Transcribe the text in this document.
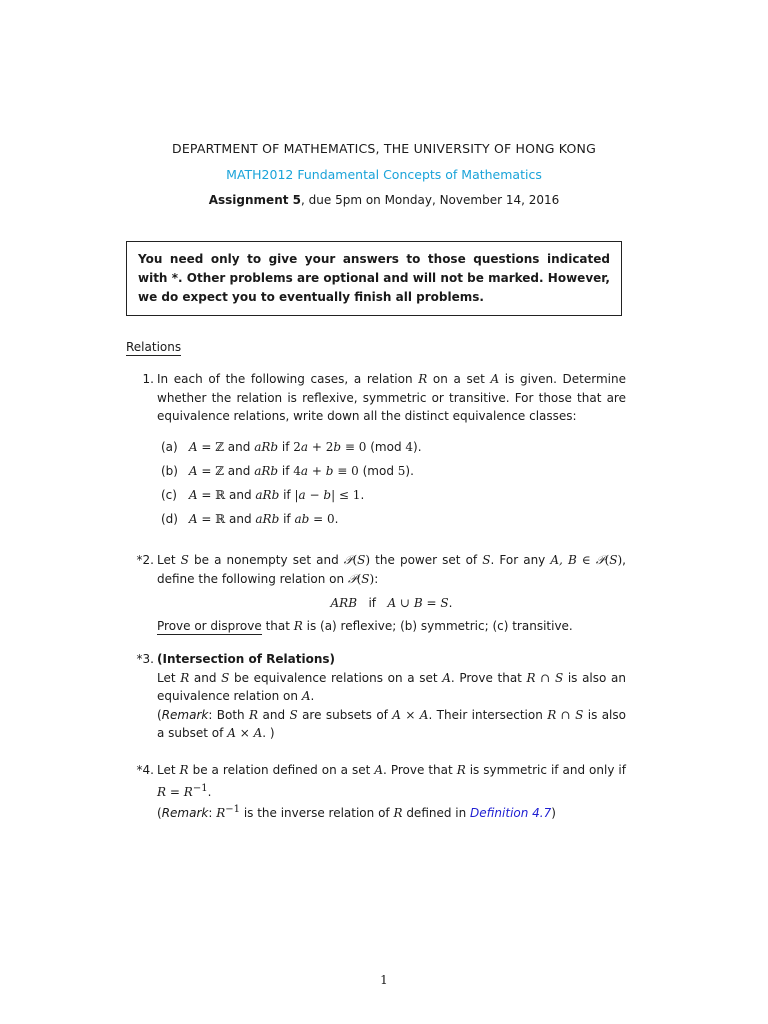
DEPARTMENT OF MATHEMATICS, THE UNIVERSITY OF HONG KONG
MATH2012 Fundamental Concepts of Mathematics
Assignment 5, due 5pm on Monday, November 14, 2016
You need only to give your answers to those questions indicated with *. Other problems are optional and will not be marked. However, we do expect you to eventually finish all problems.
Relations
1. In each of the following cases, a relation R on a set A is given. Determine whether the relation is reflexive, symmetric or transitive. For those that are equivalence relations, write down all the distinct equivalence classes:
(a) A = ℤ and aRb if 2a + 2b ≡ 0 (mod 4).
(b) A = ℤ and aRb if 4a + b ≡ 0 (mod 5).
(c) A = ℝ and aRb if |a − b| ≤ 1.
(d) A = ℝ and aRb if ab = 0.
*2. Let S be a nonempty set and 𝒫(S) the power set of S. For any A, B ∈ 𝒫(S), define the following relation on 𝒫(S):
ARB   if   A ∪ B = S.
Prove or disprove that R is (a) reflexive; (b) symmetric; (c) transitive.
*3. (Intersection of Relations)
Let R and S be equivalence relations on a set A. Prove that R ∩ S is also an equivalence relation on A.
(Remark: Both R and S are subsets of A × A. Their intersection R ∩ S is also a subset of A × A. )
*4. Let R be a relation defined on a set A. Prove that R is symmetric if and only if $R = R^{-1}$.
(Remark: $R^{-1}$ is the inverse relation of R defined in Definition 4.7)
1
